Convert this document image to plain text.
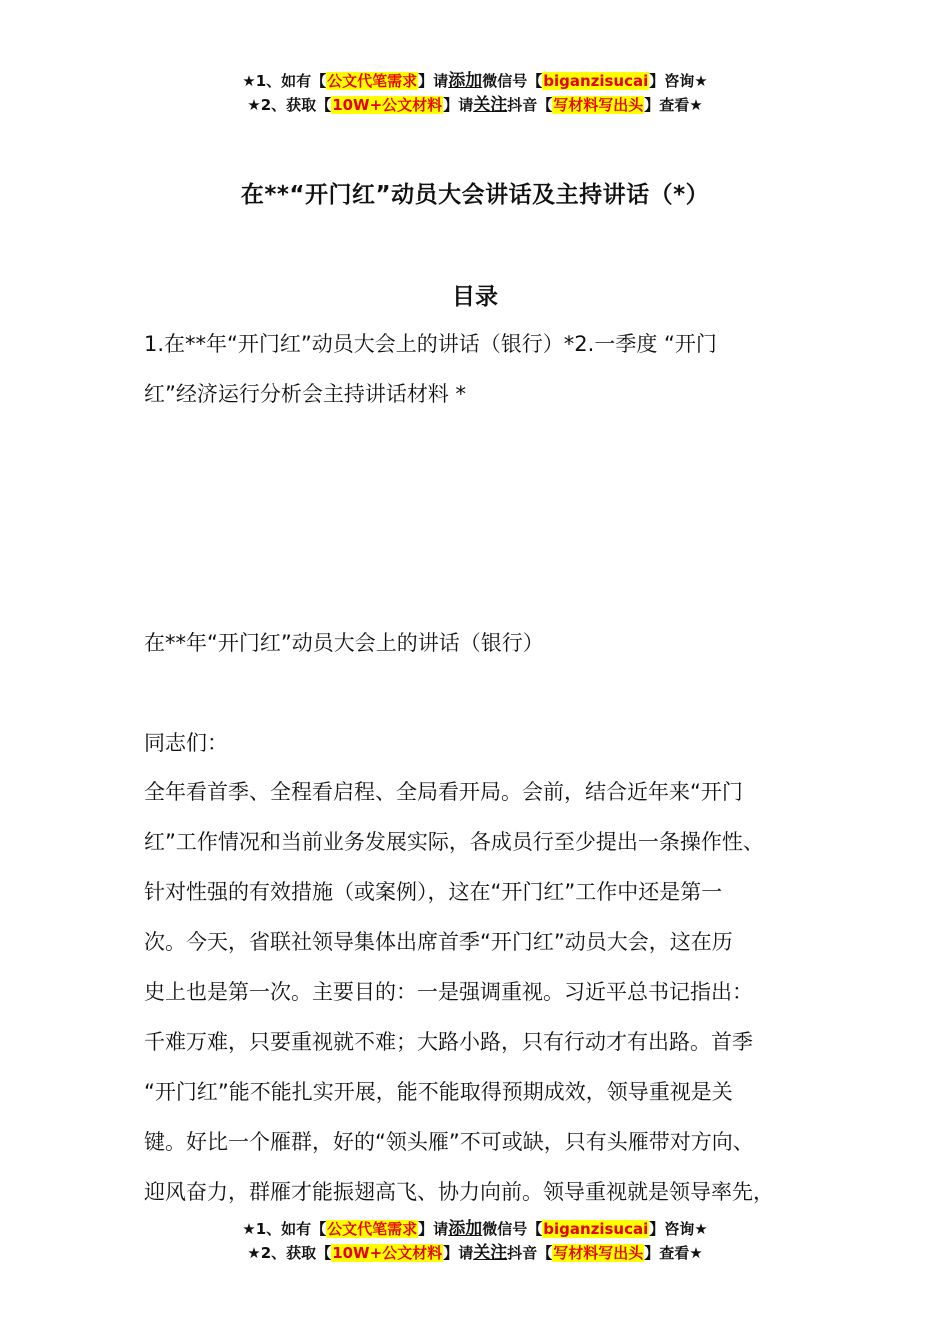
★1、如有【公文代笔需求】请添加微信号【biganzisucai】咨询★
★2、获取【10W+公文材料】请关注抖音【写材料写出头】查看★
在**“开门红”动员大会讲话及主持讲话（*）
目录
1.在**年“开门红”动员大会上的讲话（银行）*2.一季度 “开门
红”经济运行分析会主持讲话材料 *
在**年“开门红”动员大会上的讲话（银行）
同志们：
全年看首季、全程看启程、全局看开局。会前，结合近年来“开门
红”工作情况和当前业务发展实际，各成员行至少提出一条操作性、
针对性强的有效措施（或案例），这在“开门红”工作中还是第一
次。今天，省联社领导集体出席首季“开门红”动员大会，这在历
史上也是第一次。主要目的：一是强调重视。习近平总书记指出：
千难万难，只要重视就不难；大路小路，只有行动才有出路。首季
“开门红”能不能扎实开展，能不能取得预期成效，领导重视是关
键。好比一个雁群，好的“领头雁”不可或缺，只有头雁带对方向、
迎风奋力，群雁才能振翅高飞、协力向前。领导重视就是领导率先，
★1、如有【公文代笔需求】请添加微信号【biganzisucai】咨询★
★2、获取【10W+公文材料】请关注抖音【写材料写出头】查看★
